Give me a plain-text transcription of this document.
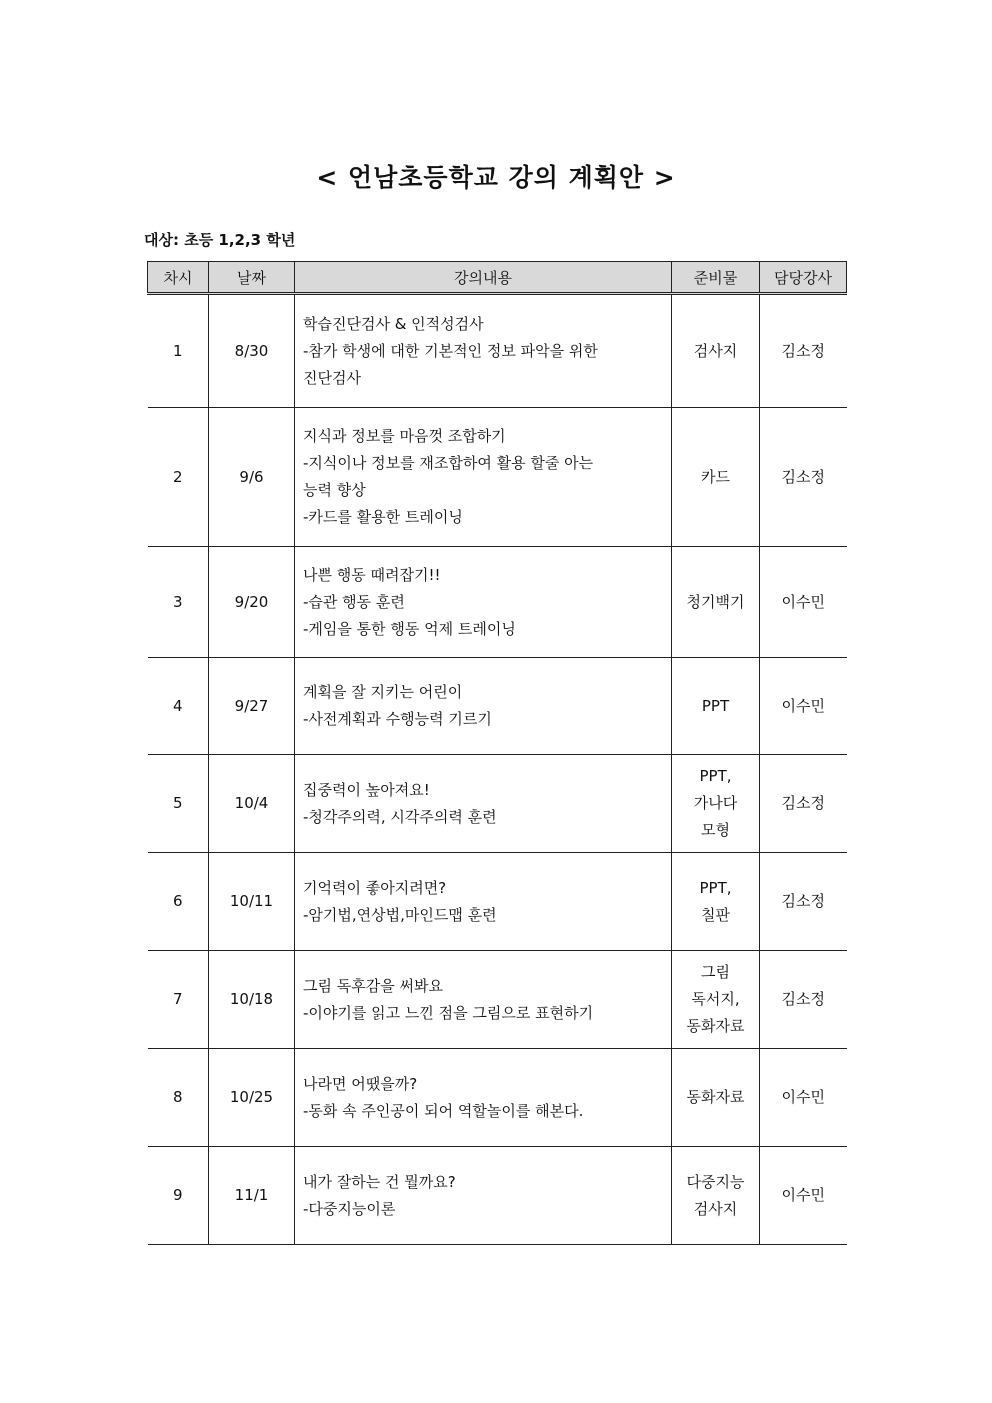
< 언남초등학교 강의 계획안 >
대상: 초등 1,2,3 학년
차시	날짜	강의내용	준비물	담당강사
1	8/30	학습진단검사 & 인적성검사
-참가 학생에 대한 기본적인 정보 파악을 위한
진단검사	검사지	김소정
2	9/6	지식과 정보를 마음껏 조합하기
-지식이나 정보를 재조합하여 활용 할줄 아는
능력 향상
-카드를 활용한 트레이닝	카드	김소정
3	9/20	나쁜 행동 때려잡기!!
-습관 행동 훈련
-게임을 통한 행동 억제 트레이닝	청기백기	이수민
4	9/27	계획을 잘 지키는 어린이
-사전계획과 수행능력 기르기	PPT	이수민
5	10/4	집중력이 높아져요!
-청각주의력, 시각주의력 훈련	PPT,
가나다
모형	김소정
6	10/11	기억력이 좋아지려면?
-암기법,연상법,마인드맵 훈련	PPT,
칠판	김소정
7	10/18	그림 독후감을 써봐요
-이야기를 읽고 느낀 점을 그림으로 표현하기	그림
독서지,
동화자료	김소정
8	10/25	나라면 어땠을까?
-동화 속 주인공이 되어 역할놀이를 해본다.	동화자료	이수민
9	11/1	내가 잘하는 건 뭘까요?
-다중지능이론	다중지능
검사지	이수민
